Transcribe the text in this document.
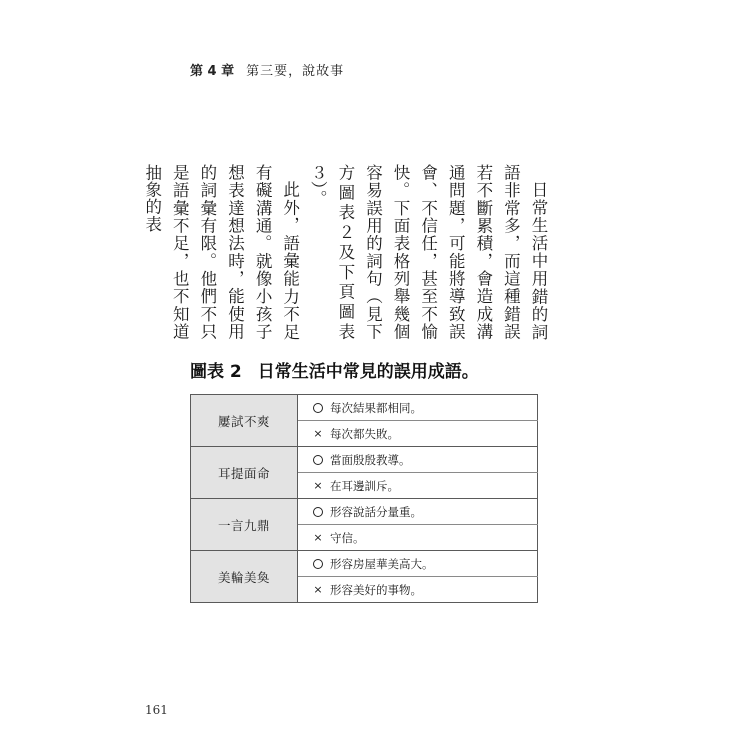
第 4 章 第三要，說故事

日常生活中用錯的詞語非常多，而這種錯誤若不斷累積，會造成溝通問題，可能將導致誤會、不信任，甚至不愉快。下面表格列舉幾個容易誤用的詞句（見下方圖表２及下頁圖表３）。

此外，語彙能力不足有礙溝通。就像小孩子想表達想法時，能使用的詞彙有限。他們不只是語彙不足，也不知道抽象的表

圖表 2 日常生活中常見的誤用成語。
屢試不爽	每次結果都相同。

	× 每次都失敗。

耳提面命	當面殷殷教導。

	× 在耳邊訓斥。

一言九鼎	形容說話分量重。

	× 守信。

美輪美奐	形容房屋華美高大。

	× 形容美好的事物。
161
